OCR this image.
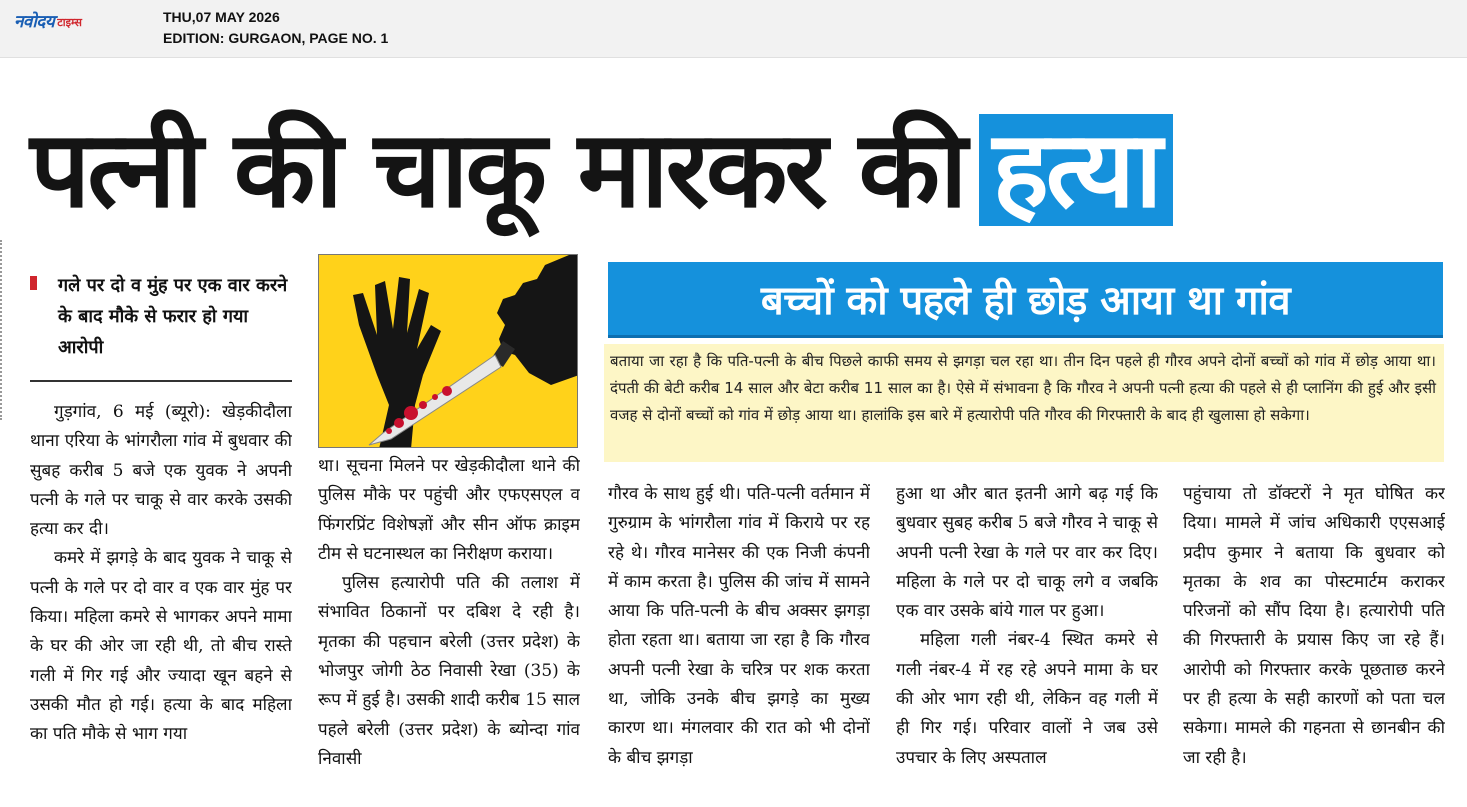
नवोदय टाइम्स	THU,07 MAY 2026
EDITION: GURGAON, PAGE NO. 1
पत्नी की चाकू मारकर की हत्या
गले पर दो व मुंह पर एक वार करने के बाद मौके से फरार हो गया आरोपी
बच्चों को पहले ही छोड़ आया था गांव
बताया जा रहा है कि पति-पत्नी के बीच पिछले काफी समय से झगड़ा चल रहा था। तीन दिन पहले ही गौरव अपने दोनों बच्चों को गांव में छोड़ आया था। दंपती की बेटी करीब 14 साल और बेटा करीब 11 साल का है। ऐसे में संभावना है कि गौरव ने अपनी पत्नी हत्या की पहले से ही प्लानिंग की हुई और इसी वजह से दोनों बच्चों को गांव में छोड़ आया था। हालांकि इस बारे में हत्यारोपी पति गौरव की गिरफ्तारी के बाद ही खुलासा हो सकेगा।

गुड़गांव, 6 मई (ब्यूरो): खेड़कीदौला थाना एरिया के भांगरौला गांव में बुधवार की सुबह करीब 5 बजे एक युवक ने अपनी पत्नी के गले पर चाकू से वार करके उसकी हत्या कर दी।

कमरे में झगड़े के बाद युवक ने चाकू से पत्नी के गले पर दो वार व एक वार मुंह पर किया। महिला कमरे से भागकर अपने मामा के घर की ओर जा रही थी, तो बीच रास्ते गली में गिर गई और ज्यादा खून बहने से उसकी मौत हो गई। हत्या के बाद महिला का पति मौके से भाग गया

था। सूचना मिलने पर खेड़कीदौला थाने की पुलिस मौके पर पहुंची और एफएसएल व फिंगरप्रिंट विशेषज्ञों और सीन ऑफ क्राइम टीम से घटनास्थल का निरीक्षण कराया।

पुलिस हत्यारोपी पति की तलाश में संभावित ठिकानों पर दबिश दे रही है। मृतका की पहचान बरेली (उत्तर प्रदेश) के भोजपुर जोगी ठेठ निवासी रेखा (35) के रूप में हुई है। उसकी शादी करीब 15 साल पहले बरेली (उत्तर प्रदेश) के ब्योन्दा गांव निवासी

गौरव के साथ हुई थी। पति-पत्नी वर्तमान में गुरुग्राम के भांगरौला गांव में किराये पर रह रहे थे। गौरव मानेसर की एक निजी कंपनी में काम करता है। पुलिस की जांच में सामने आया कि पति-पत्नी के बीच अक्सर झगड़ा होता रहता था। बताया जा रहा है कि गौरव अपनी पत्नी रेखा के चरित्र पर शक करता था, जोकि उनके बीच झगड़े का मुख्य कारण था। मंगलवार की रात को भी दोनों के बीच झगड़ा

हुआ था और बात इतनी आगे बढ़ गई कि बुधवार सुबह करीब 5 बजे गौरव ने चाकू से अपनी पत्नी रेखा के गले पर वार कर दिए। महिला के गले पर दो चाकू लगे व जबकि एक वार उसके बांये गाल पर हुआ।

महिला गली नंबर-4 स्थित कमरे से गली नंबर-4 में रह रहे अपने मामा के घर की ओर भाग रही थी, लेकिन वह गली में ही गिर गई। परिवार वालों ने जब उसे उपचार के लिए अस्पताल

पहुंचाया तो डॉक्टरों ने मृत घोषित कर दिया। मामले में जांच अधिकारी एएसआई प्रदीप कुमार ने बताया कि बुधवार को मृतका के शव का पोस्टमार्टम कराकर परिजनों को सौंप दिया है। हत्यारोपी पति की गिरफ्तारी के प्रयास किए जा रहे हैं। आरोपी को गिरफ्तार करके पूछताछ करने पर ही हत्या के सही कारणों को पता चल सकेगा। मामले की गहनता से छानबीन की जा रही है।
